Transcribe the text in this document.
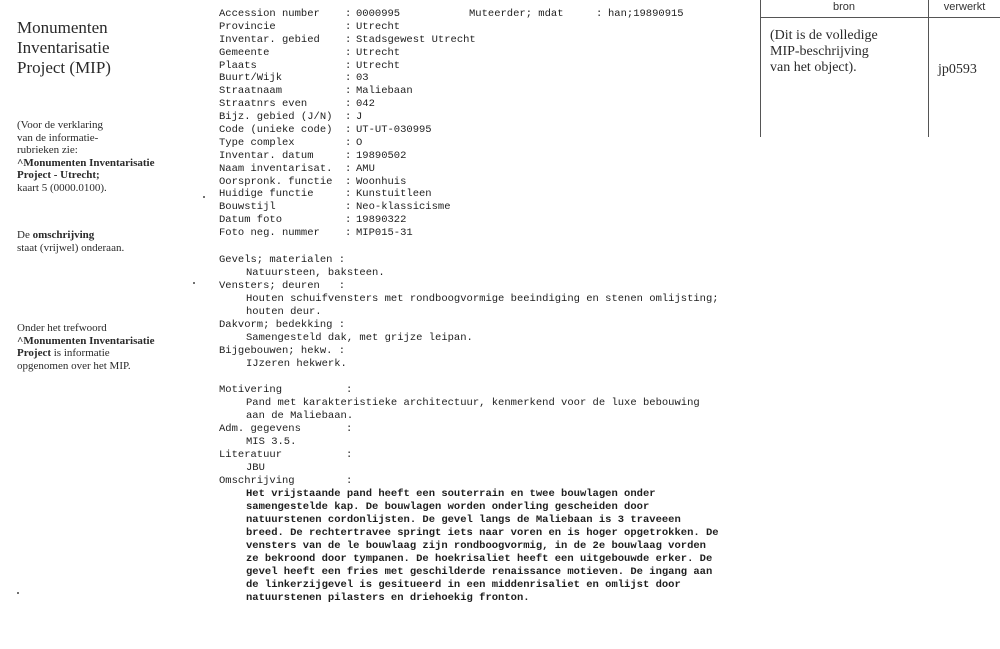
Monumenten
Inventarisatie
Project (MIP)
(Voor de verklaring
van de informatie-
rubrieken zie:
^Monumenten Inventarisatie
Project - Utrecht;
kaart 5 (0000.0100).
De omschrijving
staat (vrijwel) onderaan.
Onder het trefwoord
^Monumenten Inventarisatie
Project is informatie
opgenomen over het MIP.
bron	verwerkt
(Dit is de volledige
MIP-beschrijving
van het object).	jp0593
Muteerder; mdat	: han;19890915
Accession number : 0000995
Provincie	: Utrecht
Inventar. gebied : Stadsgewest Utrecht
Gemeente	: Utrecht
Plaats	: Utrecht
Buurt/Wijk	: 03
Straatnaam	: Maliebaan
Straatnrs even	: 042
Bijz. gebied (J/N) : J
Code (unieke code) : UT-UT-030995
Type complex	: O
Inventar. datum	: 19890502
Naam inventarisat. : AMU
Oorspronk. functie : Woonhuis
Huidige functie	: Kunstuitleen
Bouwstijl	: Neo-klassicisme
Datum foto	: 19890322
Foto neg. nummer : MIP015-31
Gevels; materialen :
Natuursteen, baksteen.
Vensters; deuren   :
Houten schuifvensters met rondboogvormige beeindiging en stenen omlijsting;
houten deur.
Dakvorm; bedekking :
Samengesteld dak, met grijze leipan.
Bijgebouwen; hekw. :
IJzeren hekwerk.
Motivering	:
Pand met karakteristieke architectuur, kenmerkend voor de luxe bebouwing
aan de Maliebaan.
Adm. gegevens	:
MIS 3.5.
Literatuur	:
JBU
Omschrijving	:
Het vrijstaande pand heeft een souterrain en twee bouwlagen onder
samengestelde kap. De bouwlagen worden onderling gescheiden door
natuurstenen cordonlijsten. De gevel langs de Maliebaan is 3 traveeen
breed. De rechtertravee springt iets naar voren en is hoger opgetrokken. De
vensters van de le bouwlaag zijn rondboogvormig, in de 2e bouwlaag vorden
ze bekroond door tympanen. De hoekrisaliet heeft een uitgebouwde erker. De
gevel heeft een fries met geschilderde renaissance motieven. De ingang aan
de linkerzijgevel is gesitueerd in een middenrisaliet en omlijst door
natuurstenen pilasters en driehoekig fronton.
